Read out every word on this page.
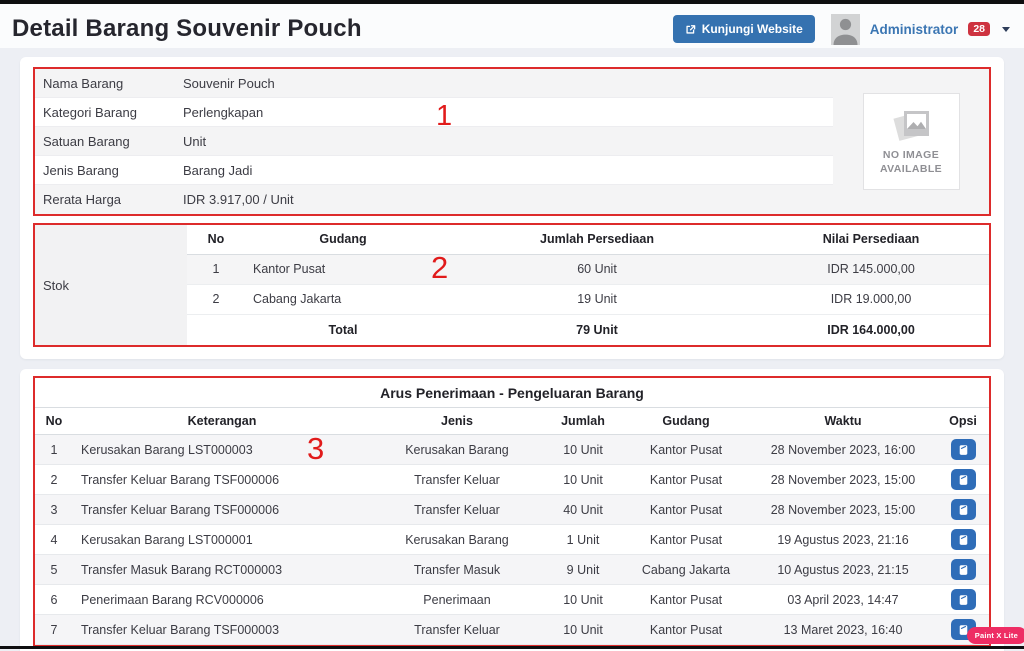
Detail Barang Souvenir Pouch	Kunjungi Website	Administrator	28
Nama Barang	Souvenir Pouch
Kategori Barang	Perlengkapan
Satuan Barang	Unit
Jenis Barang	Barang Jadi
Rerata Harga	IDR 3.917,00 / Unit
NO IMAGE
AVAILABLE
Stok
No	Gudang	Jumlah Persediaan	Nilai Persediaan
1	Kantor Pusat	60 Unit	IDR 145.000,00
2	Cabang Jakarta	19 Unit	IDR 19.000,00
	Total	79 Unit	IDR 164.000,00
Arus Penerimaan - Pengeluaran Barang
No	Keterangan	Jenis	Jumlah	Gudang	Waktu	Opsi
1	Kerusakan Barang LST000003	Kerusakan Barang	10 Unit	Kantor Pusat	28 November 2023, 16:00	

2	Transfer Keluar Barang TSF000006	Transfer Keluar	10 Unit	Kantor Pusat	28 November 2023, 15:00	

3	Transfer Keluar Barang TSF000006	Transfer Keluar	40 Unit	Kantor Pusat	28 November 2023, 15:00	

4	Kerusakan Barang LST000001	Kerusakan Barang	1 Unit	Kantor Pusat	19 Agustus 2023, 21:16	

5	Transfer Masuk Barang RCT000003	Transfer Masuk	9 Unit	Cabang Jakarta	10 Agustus 2023, 21:15	

6	Penerimaan Barang RCV000006	Penerimaan	10 Unit	Kantor Pusat	03 April 2023, 14:47	

7	Transfer Keluar Barang TSF000003	Transfer Keluar	10 Unit	Kantor Pusat	13 Maret 2023, 16:40	
1
2
3
Paint X Lite
